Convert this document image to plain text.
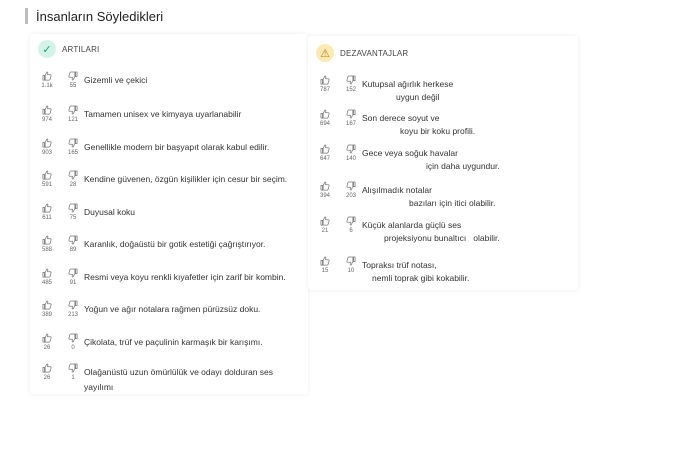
İnsanların Söyledikleri
✓	ARTILARI
1.1k	55
Gizemli ve çekici
974	121
Tamamen unisex ve kimyaya uyarlanabilir
903	165
Genellikle modern bir başyapıt olarak kabul edilir.
591	28
Kendine güvenen, özgün kişilikler için cesur bir seçim.
611	75
Duyusal koku
588	89
Karanlık, doğaüstü bir gotik estetiği çağrıştırıyor.
485	91
Resmi veya koyu renkli kıyafetler için zarif bir kombin.
389	213
Yoğun ve ağır notalara rağmen pürüzsüz doku.
26	0
Çikolata, trüf ve paçulinin karmaşık bir karışımı.
26	1
Olağanüstü uzun ömürlülük ve odayı dolduran ses yayılımı
⚠	DEZAVANTAJLAR
787	152
Kutupsal ağırlık herkese
uygun değil
694	167
Son derece soyut ve
koyu bir koku profili.
647	140
Gece veya soğuk havalar
için daha uygundur.
394	203
Alışılmadık notalar
bazıları için itici olabilir.
21	6
Küçük alanlarda güçlü ses
projeksiyonu bunaltıcı   olabilir.
15	10
Topraksı trüf notası,
nemli toprak gibi kokabilir.
